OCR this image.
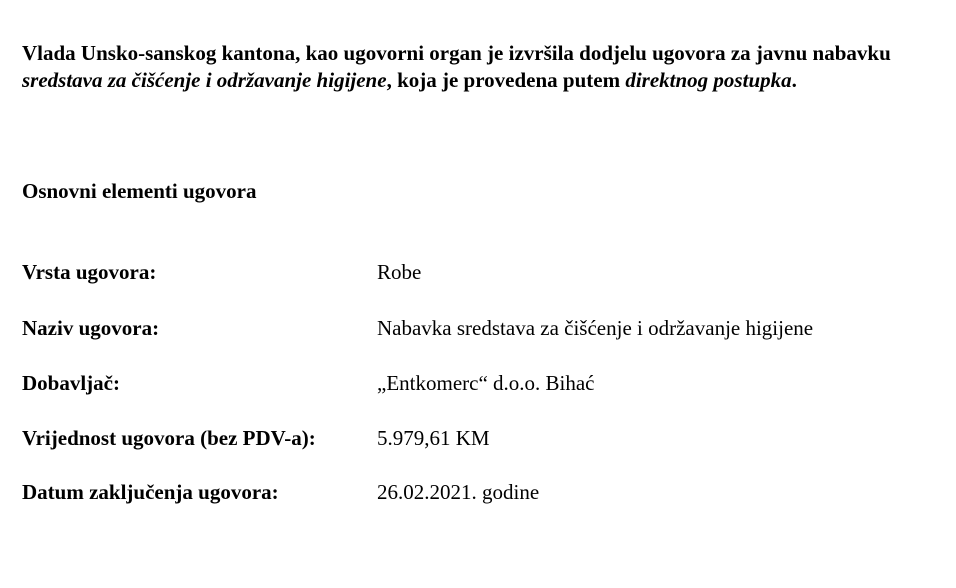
Vlada Unsko-sanskog kantona, kao ugovorni organ je izvršila dodjelu ugovora za javnu nabavku sredstava za čišćenje i održavanje higijene, koja je provedena putem direktnog postupka.

Osnovni elementi ugovora
Vrsta ugovora:	Robe
Naziv ugovora:	Nabavka sredstava za čišćenje i održavanje higijene
Dobavljač:	„Entkomerc“ d.o.o. Bihać
Vrijednost ugovora (bez PDV-a):	5.979,61 KM
Datum zaključenja ugovora:	26.02.2021. godine
